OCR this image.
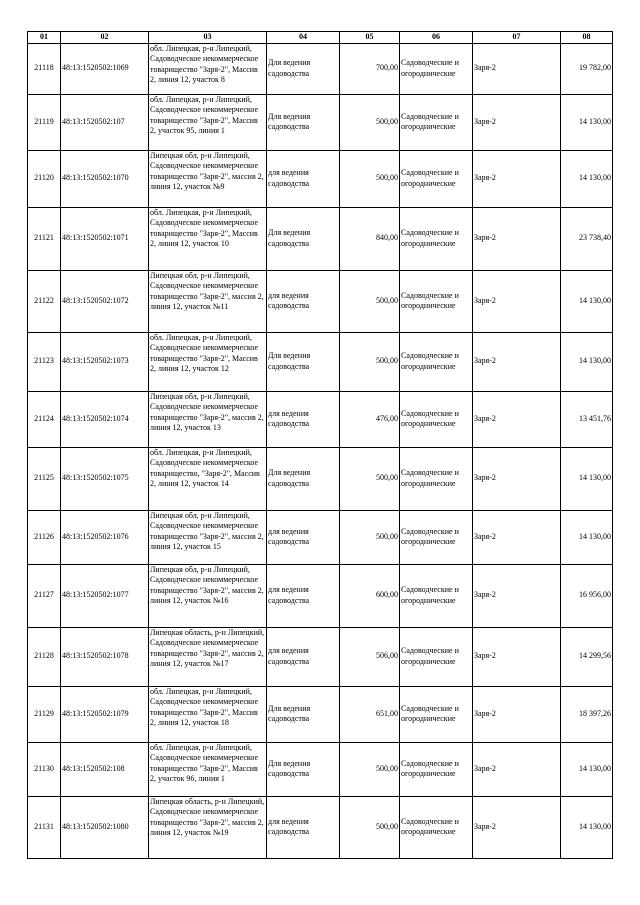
01	02	03	04	05	06	07	08
21118	48:13:1520502:1069	обл. Липецкая, р-н Липецкий, Садоводческое некоммерческое товарищество "Заря-2", Массив 2, линия 12, участок 8	Для ведения садоводства	700,00	Садоводческие и огороднические	Заря-2	19 782,00
21119	48:13:1520502:107	обл. Липецкая, р-н Липецкий, Садоводческое некоммерческое товарищество "Заря-2", Массив 2, участок 95, линия 1	Для ведения садоводства	500,00	Садоводческие и огороднические	Заря-2	14 130,00
21120	48:13:1520502:1070	Липецкая обл, р-н Липецкий, Садоводческое некоммерческое товарищество "Заря-2", массив 2, линия 12, участок №9	для ведения садоводства	500,00	Садоводческие и огороднические	Заря-2	14 130,00
21121	48:13:1520502:1071	обл. Липецкая, р-н Липецкий, Садоводческое некоммерческое товарищество "Заря-2", Массив 2, линия 12, участок 10	Для ведения садоводства	840,00	Садоводческие и огороднические	Заря-2	23 738,40
21122	48:13:1520502:1072	Липецкая обл, р-н Липецкий, Садоводческое некоммерческое товарищество "Заря-2", массив 2, линия 12, участок №11	для ведения садоводства	500,00	Садоводческие и огороднические	Заря-2	14 130,00
21123	48:13:1520502:1073	обл. Липецкая, р-н Липецкий, Садоводческое некоммерческое товарищество "Заря-2", Массив 2, линия 12, участок 12	Для ведения садоводства	500,00	Садоводческие и огороднические	Заря-2	14 130,00
21124	48:13:1520502:1074	Липецкая обл, р-н Липецкий, Садоводческое некоммерческое товарищество "Заря-2", массив 2, линия 12, участок 13	для ведения садоводства	476,00	Садоводческие и огороднические	Заря-2	13 451,76
21125	48:13:1520502:1075	обл. Липецкая, р-н Липецкий, Садоводческое некоммерческое товарищество, "Заря-2", Массив 2, линия 12, участок 14	Для ведения садоводства	500,00	Садоводческие и огороднические	Заря-2	14 130,00
21126	48:13:1520502:1076	Липецкая обл, р-н Липецкий, Садоводческое некоммерческое товарищество "Заря-2", массив 2, линия 12, участок 15	для ведения садоводства	500,00	Садоводческие и огороднические	Заря-2	14 130,00
21127	48:13:1520502:1077	Липецкая обл, р-н Липецкий, Садоводческое некоммерческое товарищество "Заря-2", массив 2, линия 12, участок №16	для ведения садоводства	600,00	Садоводческие и огороднические	Заря-2	16 956,00
21128	48:13:1520502:1078	Липецкая область, р-н Липецкий, Садоводческое некоммерческое товарищество "Заря-2", массив 2, линия 12, участок №17	для ведения садоводства	506,00	Садоводческие и огороднические	Заря-2	14 299,56
21129	48:13:1520502:1079	обл. Липецкая, р-н Липецкий, Садоводческое некоммерческое товарищество "Заря-2", Массив 2, линия 12, участок 18	Для ведения садоводства	651,00	Садоводческие и огороднические	Заря-2	18 397,26
21130	48:13:1520502:108	обл. Липецкая, р-н Липецкий, Садоводческое некоммерческое товарищество "Заря-2", Массив 2, участок 96, линия 1	Для ведения садоводства	500,00	Садоводческие и огороднические	Заря-2	14 130,00
21131	48:13:1520502:1080	Липецкая область, р-н Липецкий, Садоводческое некоммерческое товарищество "Заря-2", массив 2, линия 12, участок №19	для ведения садоводства	500,00	Садоводческие и огороднические	Заря-2	14 130,00
